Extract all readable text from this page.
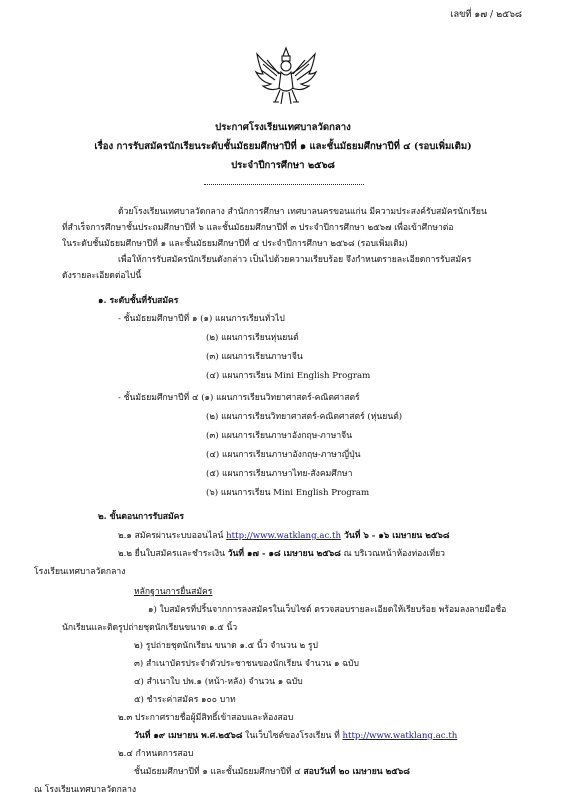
เลขที่ ๑๗ / ๒๕๖๘
ประกาศโรงเรียนเทศบาลวัดกลาง
เรื่อง การรับสมัครนักเรียนระดับชั้นมัธยมศึกษาปีที่ ๑ และชั้นมัธยมศึกษาปีที่ ๔ (รอบเพิ่มเติม)
ประจำปีการศึกษา ๒๕๖๘
ด้วยโรงเรียนเทศบาลวัดกลาง สำนักการศึกษา เทศบาลนครขอนแก่น มีความประสงค์รับสมัครนักเรียน
ที่สำเร็จการศึกษาชั้นประถมศึกษาปีที่ ๖ และชั้นมัธยมศึกษาปีที่ ๓ ประจำปีการศึกษา ๒๕๖๗ เพื่อเข้าศึกษาต่อ
ในระดับชั้นมัธยมศึกษาปีที่ ๑ และชั้นมัธยมศึกษาปีที่ ๔ ประจำปีการศึกษา ๒๕๖๘ (รอบเพิ่มเติม)
เพื่อให้การรับสมัครนักเรียนดังกล่าว เป็นไปด้วยความเรียบร้อย จึงกำหนดรายละเอียดการรับสมัคร
ดังรายละเอียดต่อไปนี้
๑. ระดับชั้นที่รับสมัคร
- ชั้นมัธยมศึกษาปีที่ ๑ (๑) แผนการเรียนทั่วไป
(๒) แผนการเรียนหุ่นยนต์
(๓) แผนการเรียนภาษาจีน
(๔) แผนการเรียน Mini English Program
- ชั้นมัธยมศึกษาปีที่ ๔ (๑) แผนการเรียนวิทยาศาสตร์-คณิตศาสตร์
(๒) แผนการเรียนวิทยาศาสตร์-คณิตศาสตร์ (หุ่นยนต์)
(๓) แผนการเรียนภาษาอังกฤษ-ภาษาจีน
(๔) แผนการเรียนภาษาอังกฤษ-ภาษาญี่ปุ่น
(๕) แผนการเรียนภาษาไทย-สังคมศึกษา
(๖) แผนการเรียน Mini English Program
๒. ขั้นตอนการรับสมัคร
๒.๑ สมัครผ่านระบบออนไลน์ http://www.watklang.ac.th วันที่ ๖ - ๑๖ เมษายน ๒๕๖๘
๒.๒ ยื่นใบสมัครและชำระเงิน วันที่ ๑๗ - ๑๘ เมษายน ๒๕๖๘ ณ บริเวณหน้าห้องท่องเที่ยว
โรงเรียนเทศบาลวัดกลาง
หลักฐานการยื่นสมัคร
๑) ใบสมัครที่ปริ้นจากการลงสมัครในเว็บไซต์ ตรวจสอบรายละเอียดให้เรียบร้อย พร้อมลงลายมือชื่อ
นักเรียนและติดรูปถ่ายชุดนักเรียนขนาด ๑.๕ นิ้ว
๒) รูปถ่ายชุดนักเรียน ขนาด ๑.๕ นิ้ว จำนวน ๒ รูป
๓) สำเนาบัตรประจำตัวประชาชนของนักเรียน จำนวน ๑ ฉบับ
๔) สำเนาใบ ปพ.๑ (หน้า-หลัง) จำนวน ๑ ฉบับ
๕) ชำระค่าสมัคร ๑๐๐ บาท
๒.๓ ประกาศรายชื่อผู้มีสิทธิ์เข้าสอบและห้องสอบ
วันที่ ๑๙ เมษายน พ.ศ.๒๕๖๘ ในเว็บไซต์ของโรงเรียน ที่ http://www.watklang.ac.th
๒.๔ กำหนดการสอบ
ชั้นมัธยมศึกษาปีที่ ๑ และชั้นมัธยมศึกษาปีที่ ๔ สอบวันที่ ๒๐ เมษายน ๒๕๖๘
ณ โรงเรียนเทศบาลวัดกลาง
